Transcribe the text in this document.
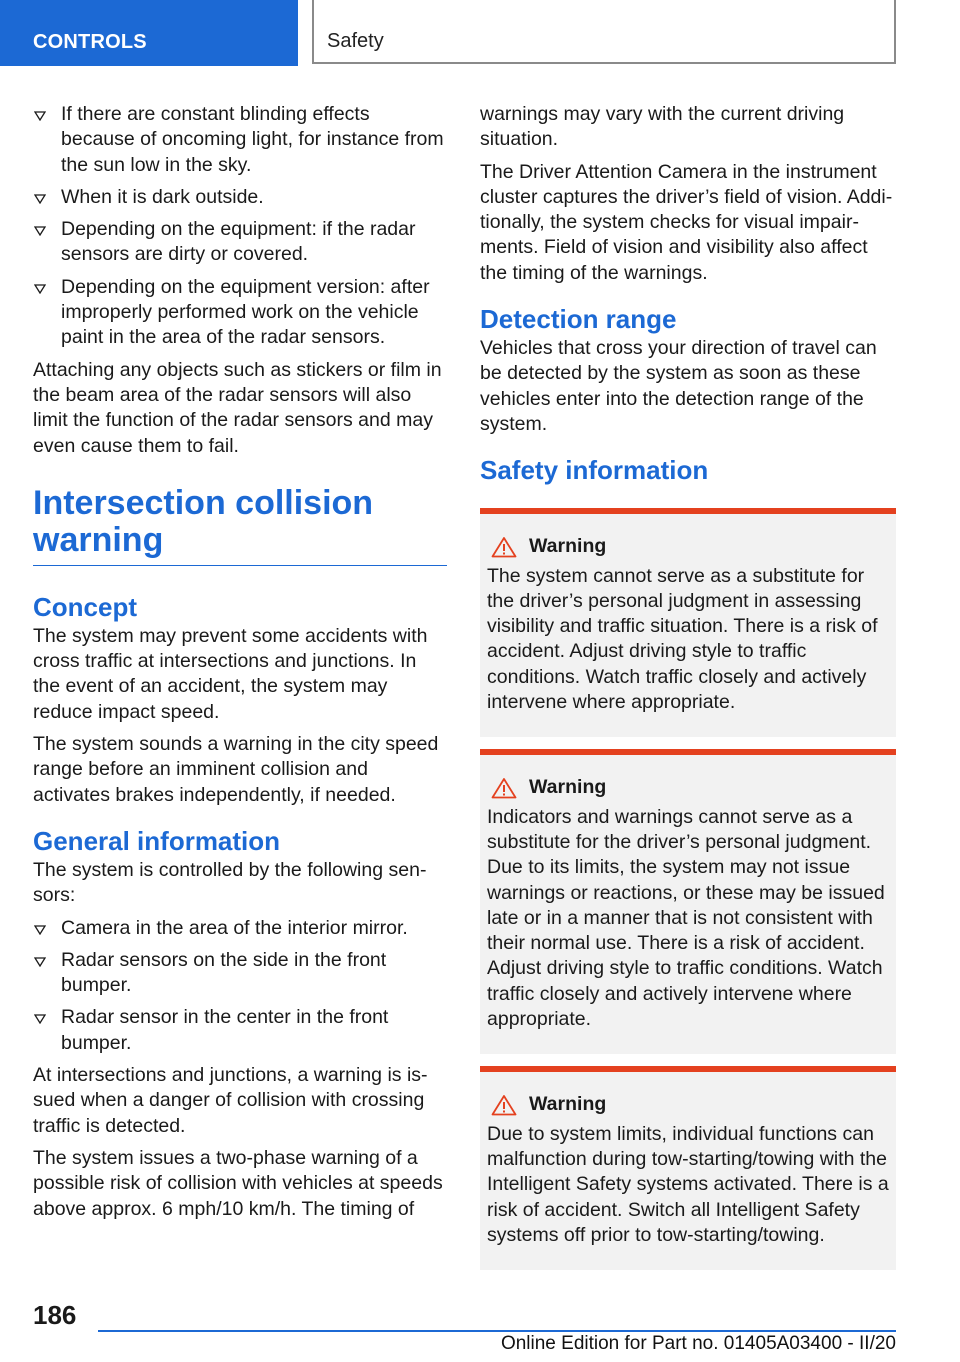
CONTROLS	Safety
If there are constant blinding effects because of oncoming light, for instance from the sun low in the sky.
When it is dark outside.
Depending on the equipment: if the radar sensors are dirty or covered.
Depending on the equipment version: after improperly performed work on the vehicle paint in the area of the radar sensors.

Attaching any objects such as stickers or film in the beam area of the radar sensors will also limit the function of the radar sensors and may even cause them to fail.

Intersection collision warning
Concept

The system may prevent some accidents with cross traffic at intersections and junctions. In the event of an accident, the system may reduce impact speed.

The system sounds a warning in the city speed range before an imminent collision and activates brakes independently, if needed.

General information

The system is controlled by the following sensors:

Camera in the area of the interior mirror.
Radar sensors on the side in the front bumper.
Radar sensor in the center in the front bumper.

At intersections and junctions, a warning is issued when a danger of collision with crossing traffic is detected.

The system issues a two-phase warning of a possible risk of collision with vehicles at speeds above approx. 6 mph/10 km/h. The timing of

warnings may vary with the current driving situation.

The Driver Attention Camera in the instrument cluster captures the driver’s field of vision. Additionally, the system checks for visual impairments. Field of vision and visibility also affect the timing of the warnings.

Detection range

Vehicles that cross your direction of travel can be detected by the system as soon as these vehicles enter into the detection range of the system.

Safety information
Warning
The system cannot serve as a substitute for the driver’s personal judgment in assessing visibility and traffic situation. There is a risk of accident. Adjust driving style to traffic conditions. Watch traffic closely and actively intervene where appropriate.
Warning
Indicators and warnings cannot serve as a substitute for the driver’s personal judgment. Due to its limits, the system may not issue warnings or reactions, or these may be issued late or in a manner that is not consistent with their normal use. There is a risk of accident. Adjust driving style to traffic conditions. Watch traffic closely and actively intervene where appropriate.
Warning
Due to system limits, individual functions can malfunction during tow-starting/towing with the Intelligent Safety systems activated. There is a risk of accident. Switch all Intelligent Safety systems off prior to tow-starting/towing.
186
Online Edition for Part no. 01405A03400 - II/20
